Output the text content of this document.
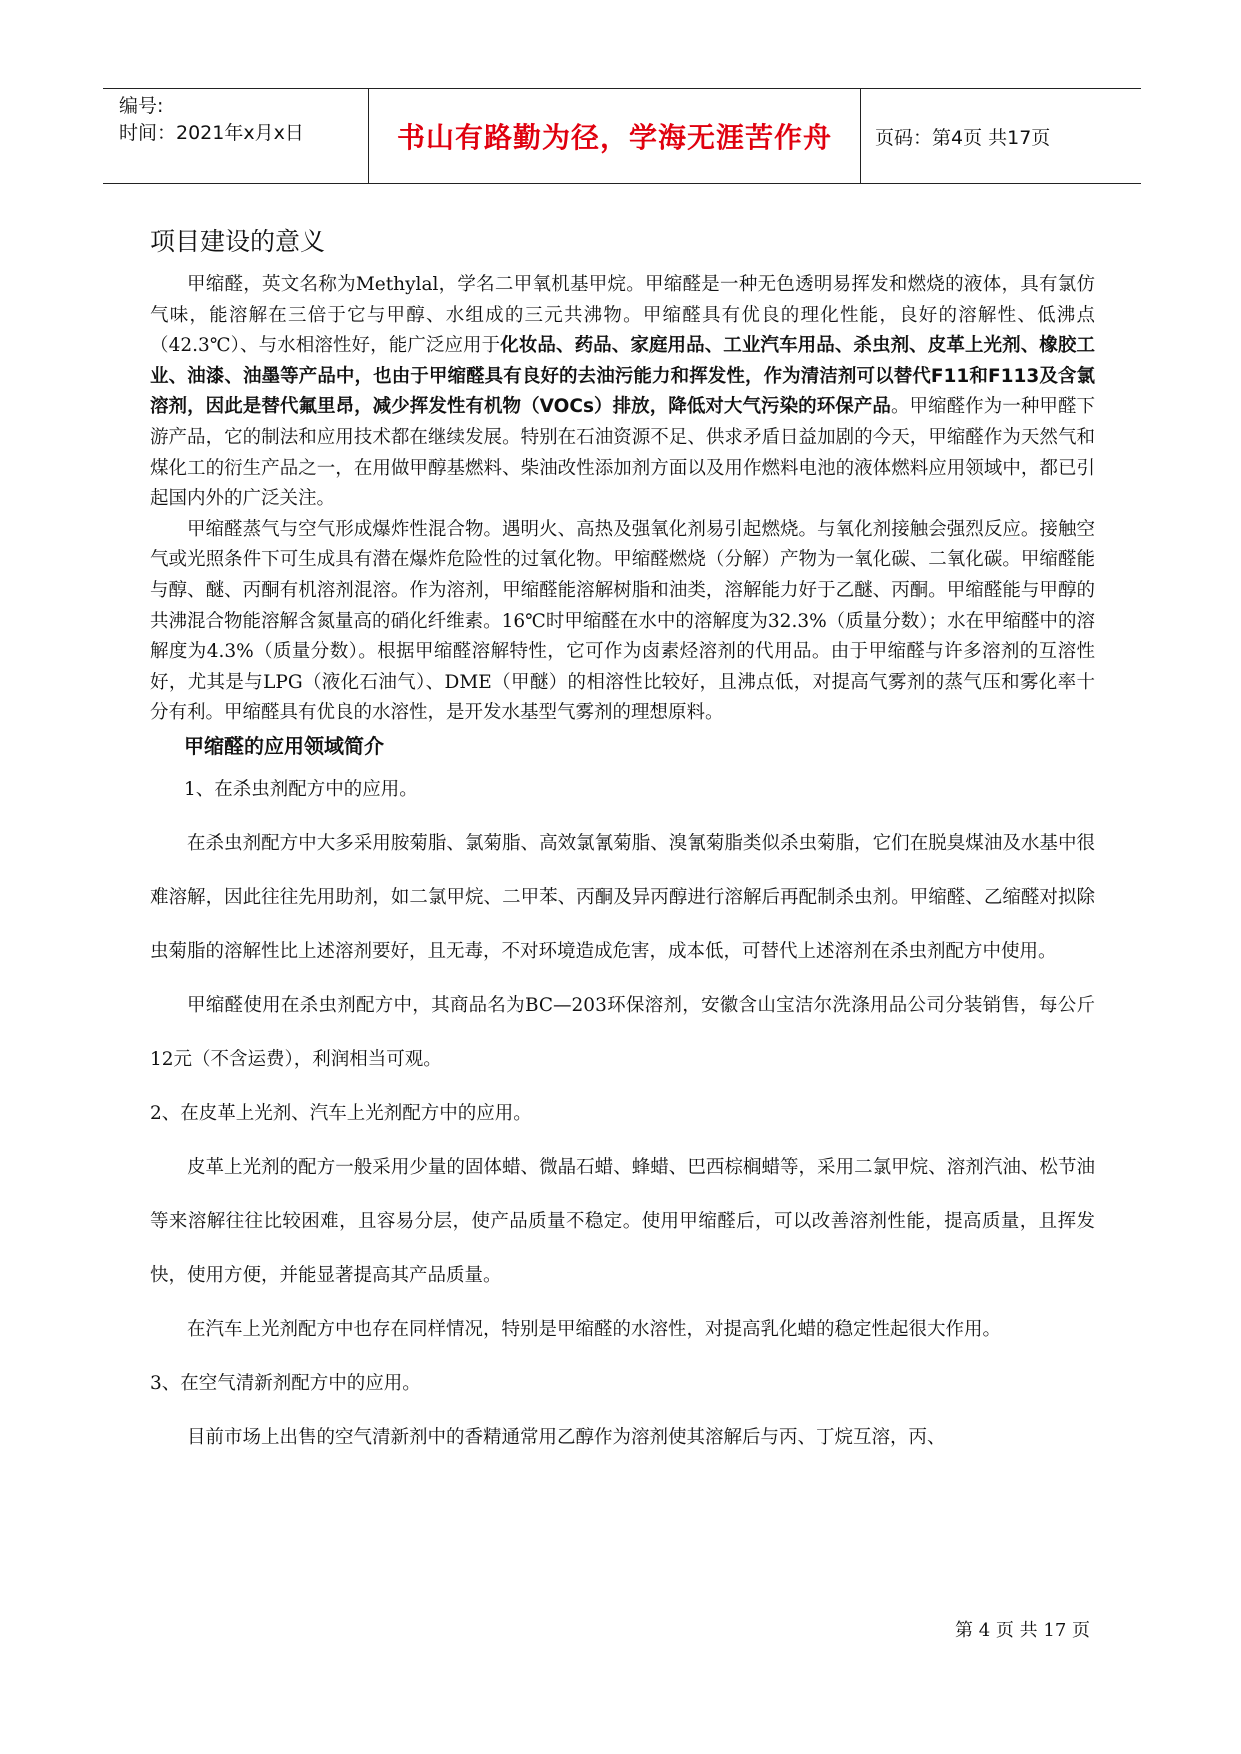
编号:
时间：2021年x月x日	书山有路勤为径，学海无涯苦作舟	页码：第4页 共17页
项目建设的意义

甲缩醛，英文名称为Methylal，学名二甲氧机基甲烷。甲缩醛是一种无色透明易挥发和燃烧的液体，具有氯仿气味，能溶解在三倍于它与甲醇、水组成的三元共沸物。甲缩醛具有优良的理化性能，良好的溶解性、低沸点（42.3℃）、与水相溶性好，能广泛应用于化妆品、药品、家庭用品、工业汽车用品、杀虫剂、皮革上光剂、橡胶工业、油漆、油墨等产品中，也由于甲缩醛具有良好的去油污能力和挥发性，作为清洁剂可以替代F11和F113及含氯溶剂，因此是替代氟里昂，减少挥发性有机物（VOCs）排放，降低对大气污染的环保产品。甲缩醛作为一种甲醛下游产品，它的制法和应用技术都在继续发展。特别在石油资源不足、供求矛盾日益加剧的今天，甲缩醛作为天然气和煤化工的衍生产品之一，在用做甲醇基燃料、柴油改性添加剂方面以及用作燃料电池的液体燃料应用领域中，都已引起国内外的广泛关注。

甲缩醛蒸气与空气形成爆炸性混合物。遇明火、高热及强氧化剂易引起燃烧。与氧化剂接触会强烈反应。接触空气或光照条件下可生成具有潜在爆炸危险性的过氧化物。甲缩醛燃烧（分解）产物为一氧化碳、二氧化碳。甲缩醛能与醇、醚、丙酮有机溶剂混溶。作为溶剂，甲缩醛能溶解树脂和油类，溶解能力好于乙醚、丙酮。甲缩醛能与甲醇的共沸混合物能溶解含氮量高的硝化纤维素。16℃时甲缩醛在水中的溶解度为32.3%（质量分数）；水在甲缩醛中的溶解度为4.3%（质量分数）。根据甲缩醛溶解特性，它可作为卤素烃溶剂的代用品。由于甲缩醛与许多溶剂的互溶性好，尤其是与LPG（液化石油气）、DME（甲醚）的相溶性比较好，且沸点低，对提高气雾剂的蒸气压和雾化率十分有利。甲缩醛具有优良的水溶性，是开发水基型气雾剂的理想原料。

甲缩醛的应用领域简介

1、在杀虫剂配方中的应用。

在杀虫剂配方中大多采用胺菊脂、氯菊脂、高效氯氰菊脂、溴氰菊脂类似杀虫菊脂，它们在脱臭煤油及水基中很难溶解，因此往往先用助剂，如二氯甲烷、二甲苯、丙酮及异丙醇进行溶解后再配制杀虫剂。甲缩醛、乙缩醛对拟除虫菊脂的溶解性比上述溶剂要好，且无毒，不对环境造成危害，成本低，可替代上述溶剂在杀虫剂配方中使用。

甲缩醛使用在杀虫剂配方中，其商品名为BC—203环保溶剂，安徽含山宝洁尔洗涤用品公司分装销售，每公斤12元（不含运费），利润相当可观。

2、在皮革上光剂、汽车上光剂配方中的应用。

皮革上光剂的配方一般采用少量的固体蜡、微晶石蜡、蜂蜡、巴西棕榈蜡等，采用二氯甲烷、溶剂汽油、松节油等来溶解往往比较困难，且容易分层，使产品质量不稳定。使用甲缩醛后，可以改善溶剂性能，提高质量，且挥发快，使用方便，并能显著提高其产品质量。

在汽车上光剂配方中也存在同样情况，特别是甲缩醛的水溶性，对提高乳化蜡的稳定性起很大作用。

3、在空气清新剂配方中的应用。

目前市场上出售的空气清新剂中的香精通常用乙醇作为溶剂使其溶解后与丙、丁烷互溶，丙、

第 4 页 共 17 页
